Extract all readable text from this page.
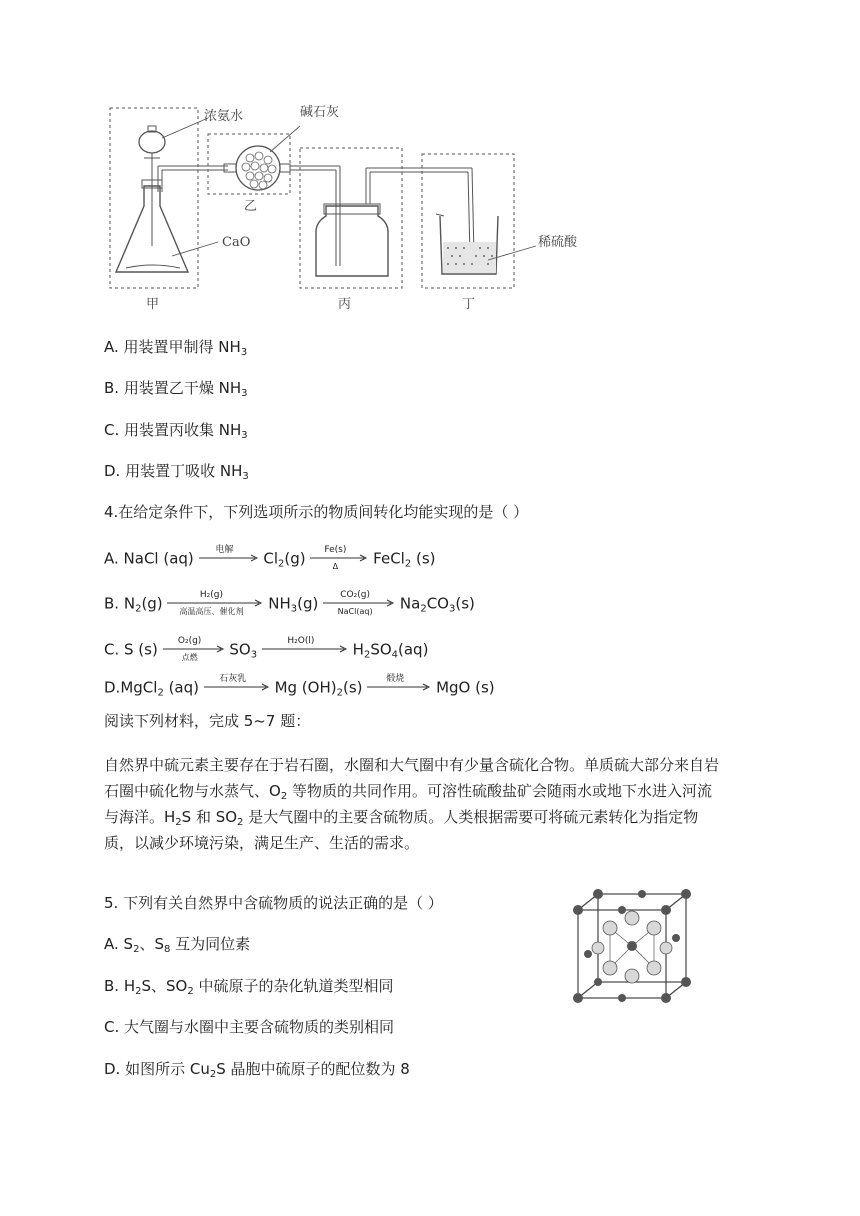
浓氨水	碱石灰
CaO	稀硫酸
甲
乙
丙	丁
A. 用装置甲制得 $NH_3$
B. 用装置乙干燥 $NH_3$
C. 用装置丙收集 $NH_3$
D. 用装置丁吸收 $NH_3$
4.在给定条件下，下列选项所示的物质间转化均能实现的是（ ）
A. NaCl (aq)	电解	$Cl_2(g)$	Fe(s)
Δ	FeCl$_2$ (s)
B. $N_2(g)$	H₂(g)
高温高压、催化剂	$NH_3(g)$	CO₂(g)
NaCl(aq)	$Na_2CO_3(s)$
C. S (s)	O₂(g)
点燃	$SO_3$
H₂O(l)	$H_2SO_4(aq)$
D.MgCl$_2$ (aq)	石灰乳	Mg $(OH)_2(s)$	煅烧	MgO (s)
阅读下列材料，完成 5~7 题：
自然界中硫元素主要存在于岩石圈，水圈和大气圈中有少量含硫化合物。单质硫大部分来自岩
石圈中硫化物与水蒸气、$O_2$ 等物质的共同作用。可溶性硫酸盐矿会随雨水或地下水进入河流
与海洋。$H_2S$ 和 $SO_2$ 是大气圈中的主要含硫物质。人类根据需要可将硫元素转化为指定物
质，以减少环境污染，满足生产、生活的需求。
5. 下列有关自然界中含硫物质的说法正确的是（ ）
A. $S_2$、$S_8$ 互为同位素
B. $H_2S$、$SO_2$ 中硫原子的杂化轨道类型相同
C. 大气圈与水圈中主要含硫物质的类别相同
D. 如图所示 $Cu_2S$ 晶胞中硫原子的配位数为 8
